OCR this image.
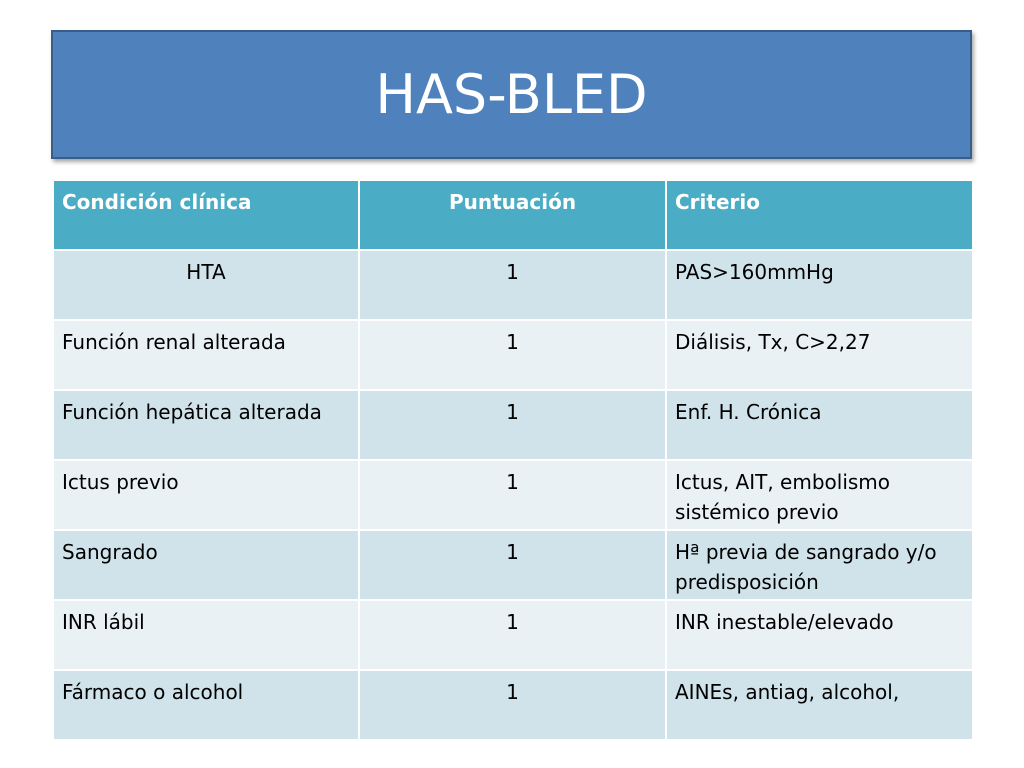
HAS-BLED
Condición clínica	Puntuación	Criterio
HTA	1	PAS>160mmHg
Función renal alterada	1	Diálisis, Tx, C>2,27
Función hepática alterada	1	Enf. H. Crónica
Ictus previo	1	Ictus, AIT, embolismo sistémico previo
Sangrado	1	Hª previa de sangrado y/o predisposición
INR lábil	1	INR inestable/elevado
Fármaco o alcohol	1	AINEs, antiag, alcohol,
